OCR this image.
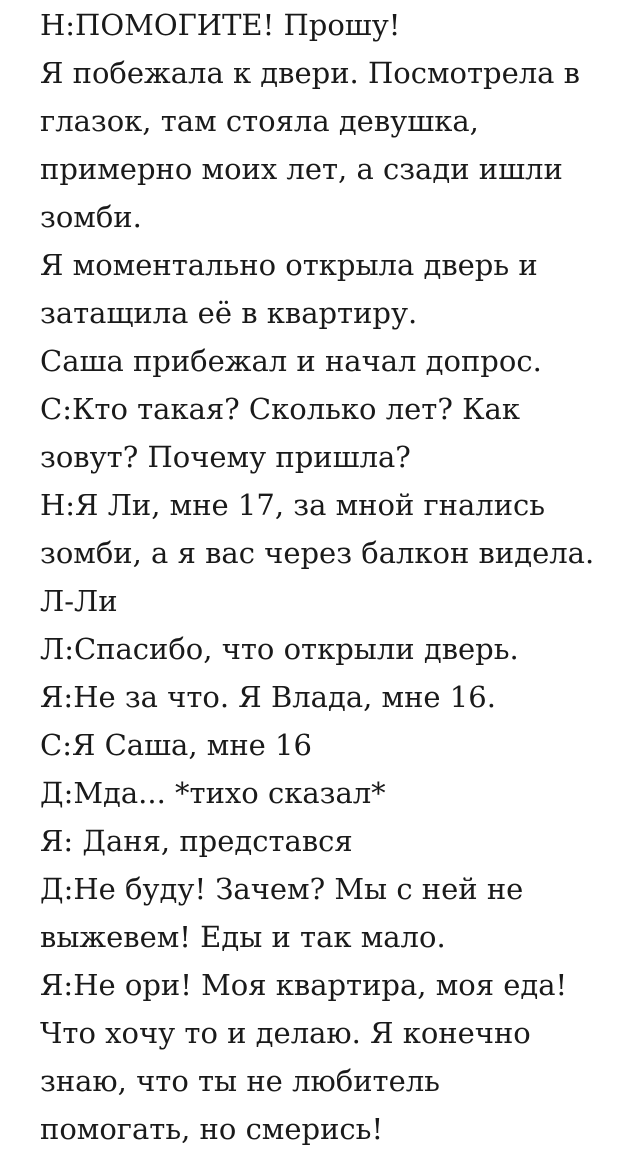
Н:ПОМОГИТЕ! Прошу!
Я побежала к двери. Посмотрела в
глазок, там стояла девушка,
примерно моих лет, а сзади ишли
зомби.
Я моментально открыла дверь и
затащила её в квартиру.
Саша прибежал и начал допрос.
С:Кто такая? Сколько лет? Как
зовут? Почему пришла?
Н:Я Ли, мне 17, за мной гнались
зомби, а я вас через балкон видела.
Л-Ли
Л:Спасибо, что открыли дверь.
Я:Не за что. Я Влада, мне 16.
С:Я Саша, мне 16
Д:Мда... *тихо сказал*
Я: Даня, представся
Д:Не буду! Зачем? Мы с ней не
выжевем! Еды и так мало.
Я:Не ори! Моя квартира, моя еда!
Что хочу то и делаю. Я конечно
знаю, что ты не любитель
помогать, но смерись!
